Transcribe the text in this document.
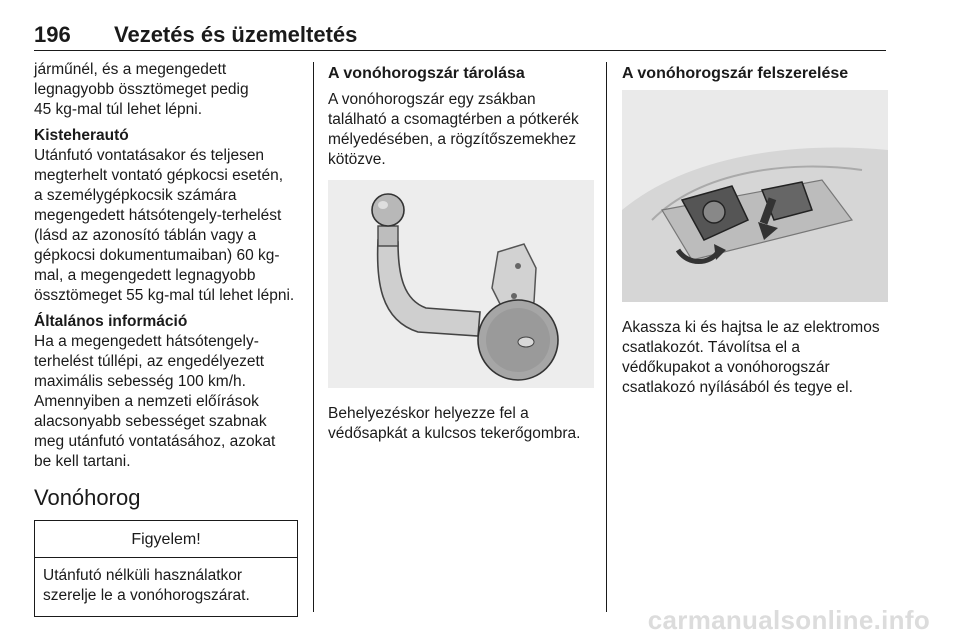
196 Vezetés és üzemeltetés

járműnél, és a megengedett
legnagyobb össztömeget pedig
45 kg-mal túl lehet lépni.

Kisteherautó

Utánfutó vontatásakor és teljesen
megterhelt vontató gépkocsi esetén,
a személygépkocsik számára
megengedett hátsótengely-terhelést
(lásd az azonosító táblán vagy a
gépkocsi dokumentumaiban) 60 kg-
mal, a megengedett legnagyobb
össztömeget 55 kg-mal túl lehet lépni.

Általános információ

Ha a megengedett hátsótengely-
terhelést túllépi, az engedélyezett
maximális sebesség 100 km/h.
Amennyiben a nemzeti előírások
alacsonyabb sebességet szabnak
meg utánfutó vontatásához, azokat
be kell tartani.

Vonóhorog

Figyelem!
Utánfutó nélküli használatkor
szerelje le a vonóhorogszárat.

A vonóhorogszár tárolása

A vonóhorogszár egy zsákban
található a csomagtérben a pótkerék
mélyedésében, a rögzítőszemekhez
kötözve.

Behelyezéskor helyezze fel a
védősapkát a kulcsos tekerőgombra.

A vonóhorogszár felszerelése

Akassza ki és hajtsa le az elektromos
csatlakozót. Távolítsa el a
védőkupakot a vonóhorogszár
csatlakozó nyílásából és tegye el.

carmanualsonline.info
